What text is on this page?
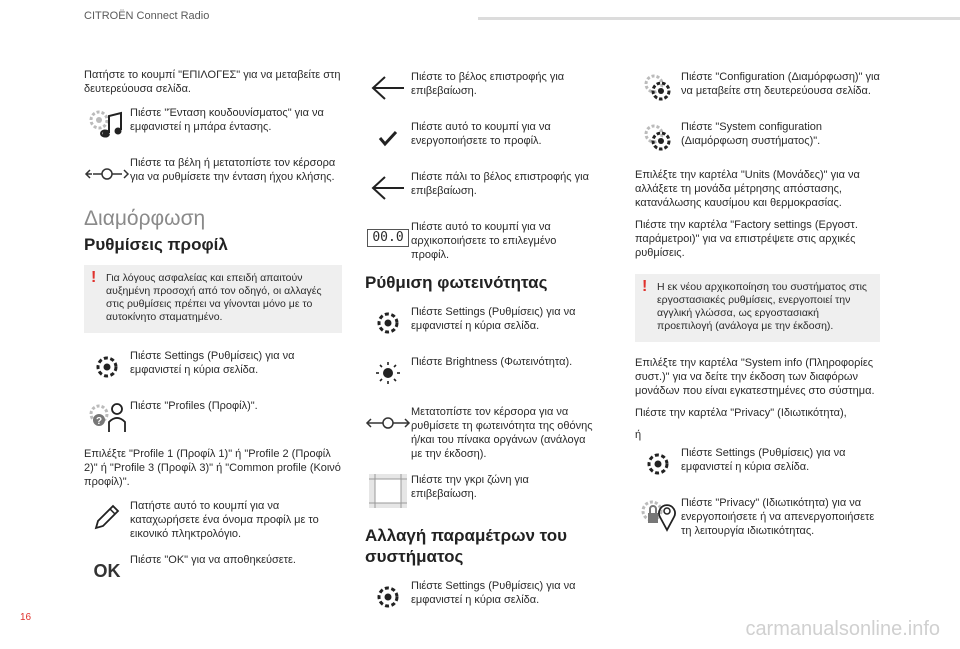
CITROËN Connect Radio

Πατήστε το κουμπί "ΕΠΙΛΟΓΕΣ" για να μεταβείτε στη δευτερεύουσα σελίδα.

Πιέστε "Ένταση κουδουνίσματος" για να εμφανιστεί η μπάρα έντασης.
Πιέστε τα βέλη ή μετατοπίστε τον κέρσορα για να ρυθμίσετε την ένταση ήχου κλήσης.
Διαμόρφωση
Ρυθμίσεις προφίλ
! Για λόγους ασφαλείας και επειδή απαιτούν αυξημένη προσοχή από τον οδηγό, οι αλλαγές στις ρυθμίσεις πρέπει να γίνονται μόνο με το αυτοκίνητο σταματημένο.
Πιέστε Settings (Ρυθμίσεις) για να εμφανιστεί η κύρια σελίδα.
?
Πιέστε "Profiles (Προφίλ)".

Επιλέξτε "Profile 1 (Προφίλ 1)" ή "Profile 2 (Προφίλ 2)" ή "Profile 3 (Προφίλ 3)" ή "Common profile (Κοινό προφίλ)".

Πατήστε αυτό το κουμπί για να καταχωρήσετε ένα όνομα προφίλ με το εικονικό πληκτρολόγιο.
OK
Πιέστε "OK" για να αποθηκεύσετε.
Πιέστε το βέλος επιστροφής για επιβεβαίωση.
Πιέστε αυτό το κουμπί για να ενεργοποιήσετε το προφίλ.
Πιέστε πάλι το βέλος επιστροφής για επιβεβαίωση.
00.0
Πιέστε αυτό το κουμπί για να αρχικοποιήσετε το επιλεγμένο προφίλ.
Ρύθμιση φωτεινότητας
Πιέστε Settings (Ρυθμίσεις) για να εμφανιστεί η κύρια σελίδα.
Πιέστε Brightness (Φωτεινότητα).
Μετατοπίστε τον κέρσορα για να ρυθμίσετε τη φωτεινότητα της οθόνης ή/και του πίνακα οργάνων (ανάλογα με την έκδοση).
Πιέστε την γκρι ζώνη για επιβεβαίωση.
Αλλαγή παραμέτρων του συστήματος
Πιέστε Settings (Ρυθμίσεις) για να εμφανιστεί η κύρια σελίδα.
Πιέστε "Configuration (Διαμόρφωση)" για να μεταβείτε στη δευτερεύουσα σελίδα.
Πιέστε "System configuration (Διαμόρφωση συστήματος)".

Επιλέξτε την καρτέλα "Units (Μονάδες)" για να αλλάξετε τη μονάδα μέτρησης απόστασης, κατανάλωσης καυσίμου και θερμοκρασίας.

Πιέστε την καρτέλα "Factory settings (Εργοστ. παράμετροι)" για να επιστρέψετε στις αρχικές ρυθμίσεις.

! Η εκ νέου αρχικοποίηση του συστήματος στις εργοστασιακές ρυθμίσεις, ενεργοποιεί την αγγλική γλώσσα, ως εργοστασιακή προεπιλογή (ανάλογα με την έκδοση).

Επιλέξτε την καρτέλα "System info (Πληροφορίες συστ.)" για να δείτε την έκδοση των διαφόρων μονάδων που είναι εγκατεστημένες στο σύστημα.

Πιέστε την καρτέλα "Privacy" (Ιδιωτικότητα),

ή

Πιέστε Settings (Ρυθμίσεις) για να εμφανιστεί η κύρια σελίδα.
Πιέστε "Privacy" (Ιδιωτικότητα) για να ενεργοποιήσετε ή να απενεργοποιήσετε τη λειτουργία ιδιωτικότητας.
16
carmanualsonline.info
